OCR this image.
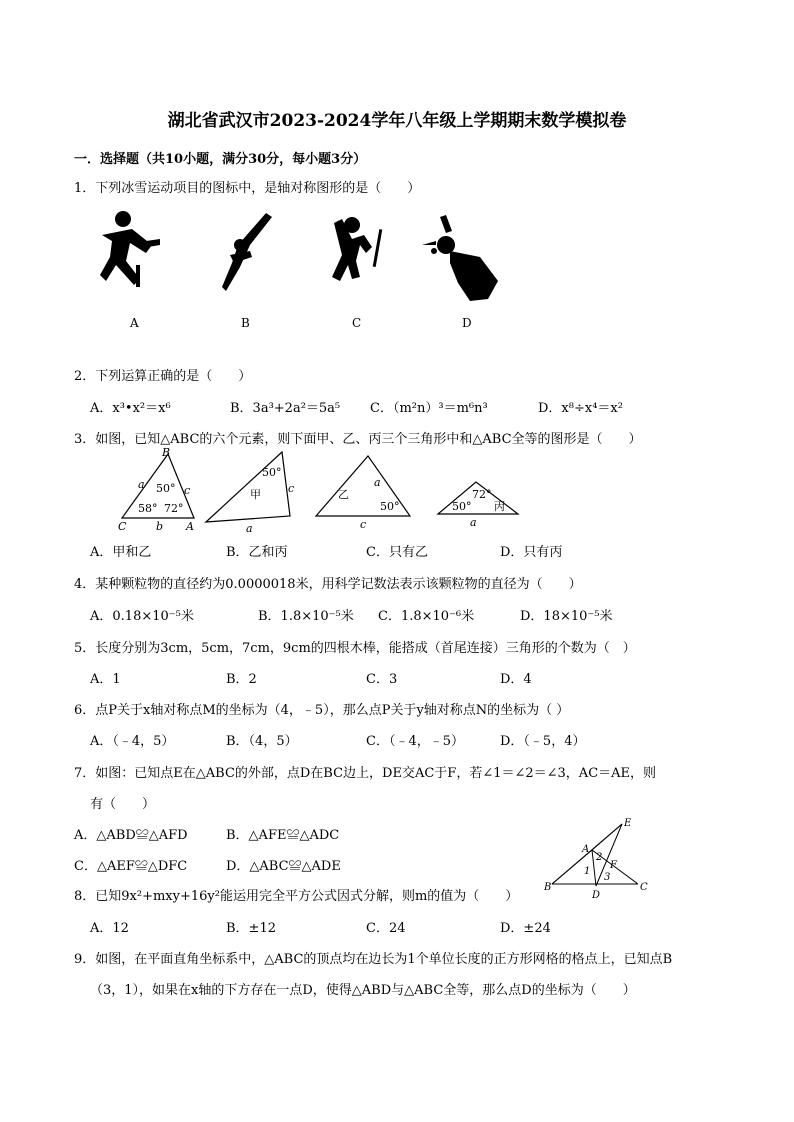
湖北省武汉市2023-2024学年八年级上学期期末数学模拟卷
一．选择题（共10小题，满分30分，每小题3分）
1．下列冰雪运动项目的图标中，是轴对称图形的是（　　）
A	B	C	D
2．下列运算正确的是（　　）
A．x³•x²＝x⁶	B．3a³+2a²＝5a⁵ C．（m²n）³＝m⁶n³	D．x⁸÷x⁴＝x²
3．如图，已知△ABC的六个元素，则下面甲、乙、丙三个三角形中和△ABC全等的图形是（　　）
B
C	A
a
b
c
50°
58° 72°
甲
50°
a
c	乙
a
c
50°	丙
72°
50°
a
A．甲和乙	B．乙和丙	C．只有乙	D．只有丙
4．某种颗粒物的直径约为0.0000018米，用科学记数法表示该颗粒物的直径为（　　）
A．0.18×10⁻⁵米	B．1.8×10⁻⁵米 C．1.8×10⁻⁶米	D．18×10⁻⁵米
5．长度分别为3cm，5cm，7cm，9cm的四根木棒，能搭成（首尾连接）三角形的个数为（　）
A．1	B．2	C．3	D．4
6．点P关于x轴对称点M的坐标为（4，﹣5），那么点P关于y轴对称点N的坐标为（ ）
A．（﹣4，5）	B．（4，5）	C．（﹣4，﹣5）	D．（﹣5，4）
7．如图：已知点E在△ABC的外部，点D在BC边上，DE交AC于F，若∠1＝∠2＝∠3，AC＝AE，则
有（　　）
A．△ABD≌△AFD	B．△AFE≌△ADC
C．△AEF≌△DFC	D．△ABC≌△ADE
E
A
2
F
1
3
B
D
C
8．已知9x²+mxy+16y²能运用完全平方公式因式分解，则m的值为（　　）
A．12	B．±12	C．24	D．±24
9．如图，在平面直角坐标系中，△ABC的顶点均在边长为1个单位长度的正方形网格的格点上，已知点B
（3，1），如果在x轴的下方存在一点D，使得△ABD与△ABC全等，那么点D的坐标为（　　）
